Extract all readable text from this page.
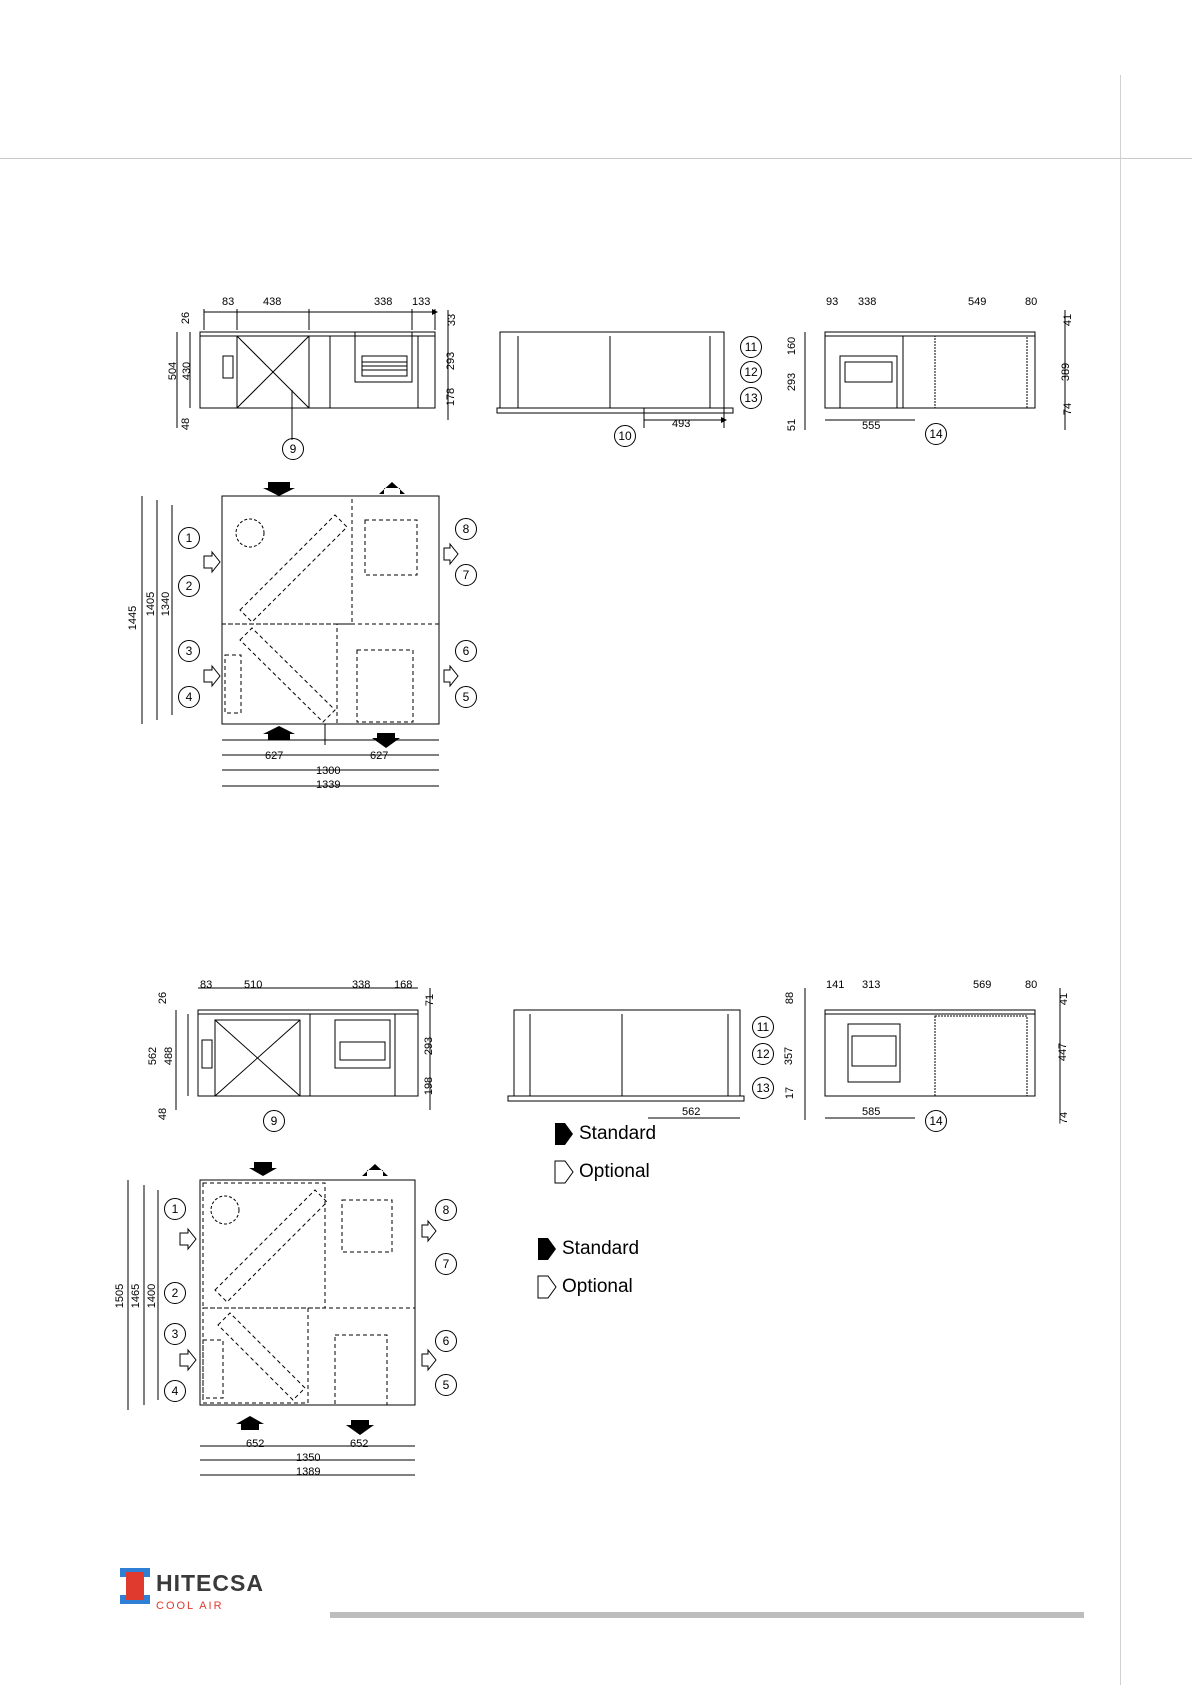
83	438	338 133
26
504 430
48
33
293
178
493
93 338	549	80
160
293
51
41
389
74
555
1445
1405 1340
627	627
1300
1339
9
10
11
12
13
14
1
2
3
4	5
6
7
8
83	510	338 168
26
562 488
48
71
293
198
562
88
141 313	569	80
357
17
41
447
74
585
1505 1465 1400
652	652
1350
1389
9
11
12
13
14
1
2
3
4	5
6
7
8
Standard
Optional
Standard
Optional
HITECSA
COOL AIR
